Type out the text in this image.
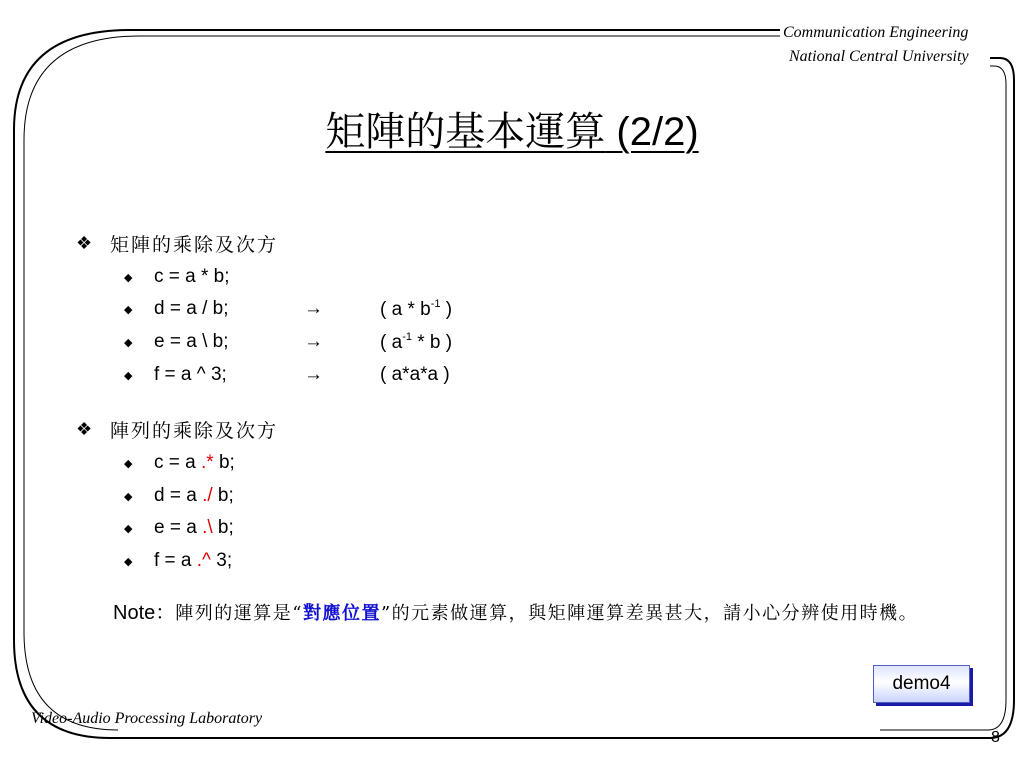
Communication Engineering
National Central University
矩陣的基本運算 (2/2)
❖ 矩陣的乘除及次方
◆	c = a * b;
◆	d = a / b;	→	( a * $b^{-1}$ )
◆	e = a \ b;	→	( $a^{-1}$ * b )
◆	f = a ^ 3;	→	( a*a*a )
❖ 陣列的乘除及次方
◆	c = a .* b;
◆	d = a ./ b;
◆	e = a .\ b;
◆	f = a .^ 3;
Note：陣列的運算是“對應位置”的元素做運算，與矩陣運算差異甚大，請小心分辨使用時機。
demo4
Video-Audio Processing Laboratory
8
